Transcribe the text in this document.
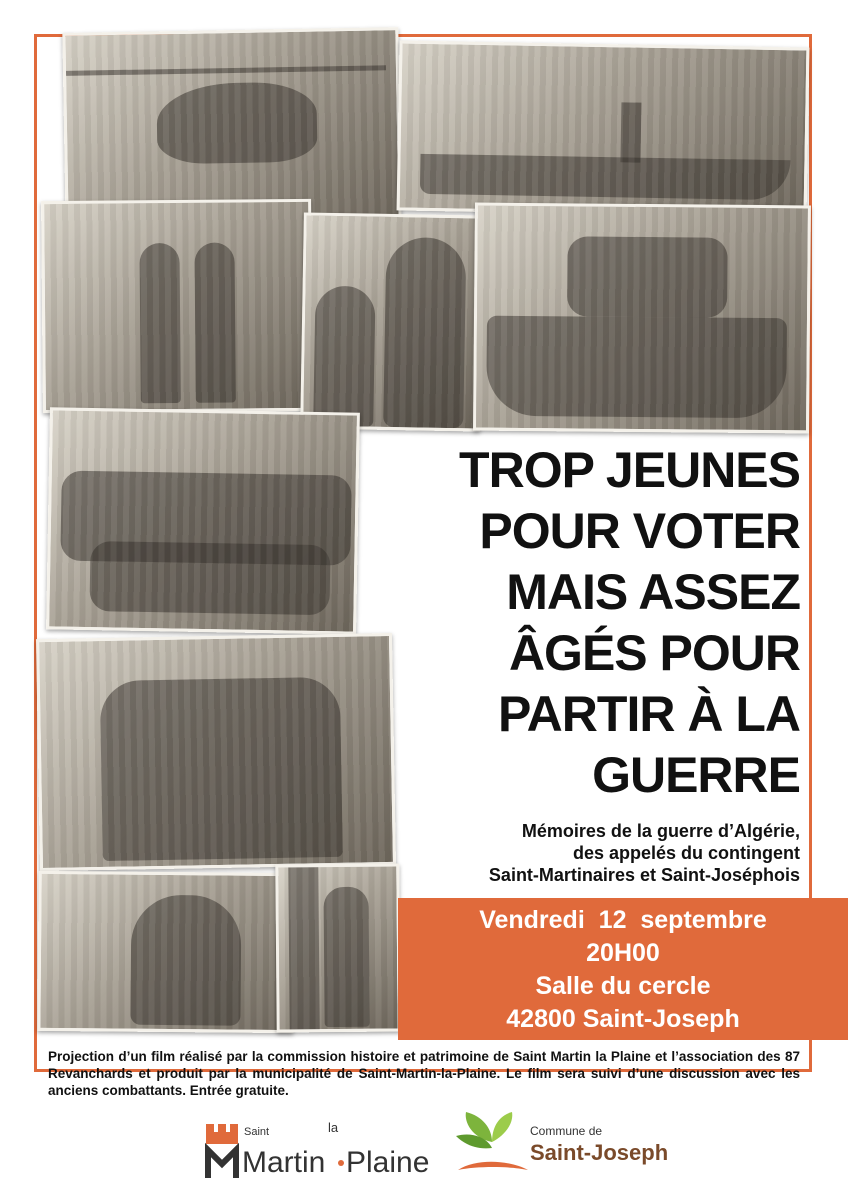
TROP JEUNES
POUR VOTER
MAIS ASSEZ
ÂGÉS POUR
PARTIR À LA
GUERRE
Mémoires de la guerre d’Algérie,
des appelés du contingent
Saint-Martinaires et Saint-Joséphois
Vendredi  12  septembre
20H00
Salle du cercle
42800 Saint-Joseph
Projection d’un film réalisé par la commission histoire et patrimoine de Saint Martin la Plaine et l’association des 87 Revanchards et produit par la municipalité de Saint-Martin-la-Plaine. Le film sera suivi d’une discussion avec les anciens combattants. Entrée gratuite.
Saint	la
Martin Plaine
Commune de
Saint-Joseph
